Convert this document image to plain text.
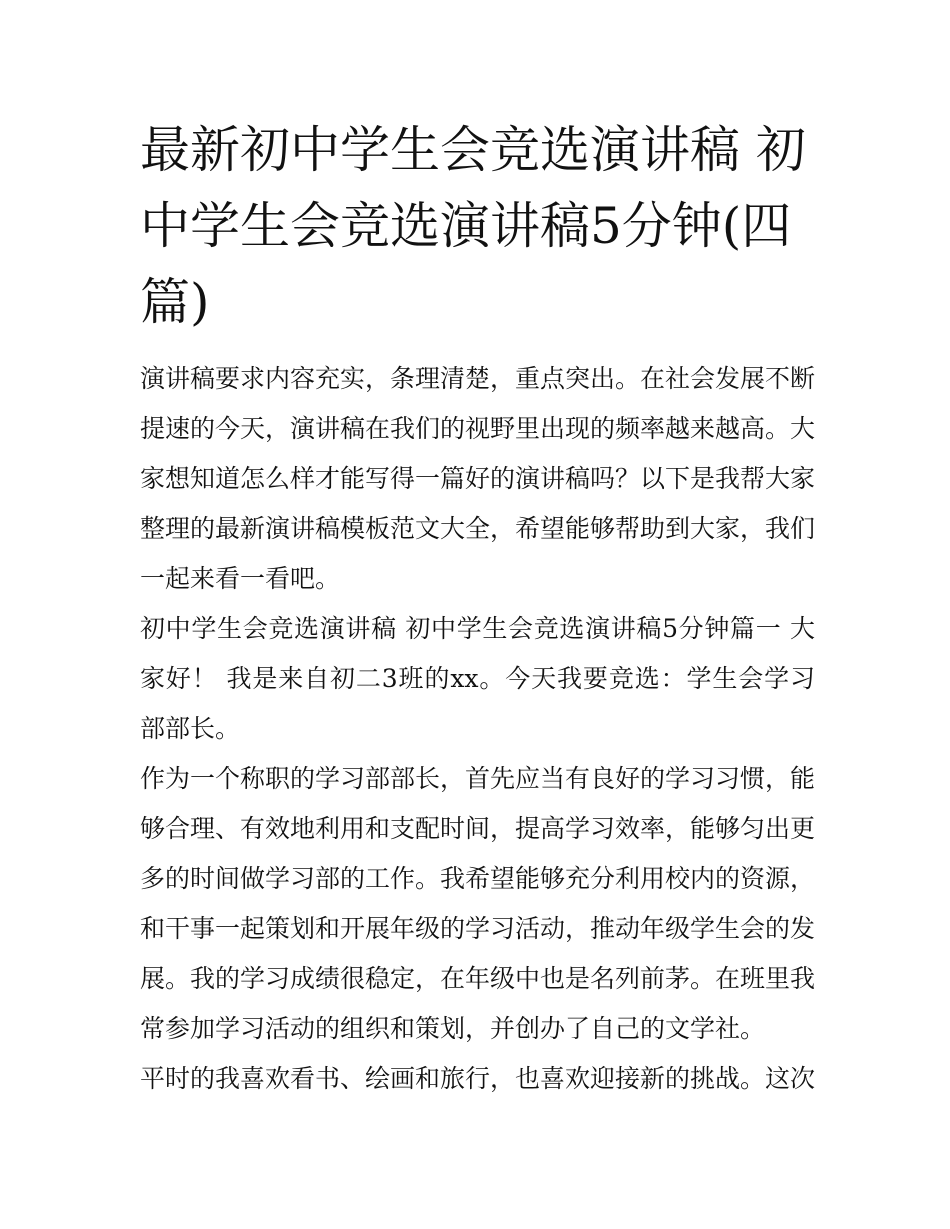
最新初中学生会竞选演讲稿 初中学生会竞选演讲稿5分钟(四篇)

演讲稿要求内容充实，条理清楚，重点突出。在社会发展不断提速的今天，演讲稿在我们的视野里出现的频率越来越高。大家想知道怎么样才能写得一篇好的演讲稿吗？以下是我帮大家整理的最新演讲稿模板范文大全，希望能够帮助到大家，我们一起来看一看吧。

初中学生会竞选演讲稿 初中学生会竞选演讲稿5分钟篇一 大家好！ 我是来自初二3班的xx。今天我要竞选：学生会学习部部长。

作为一个称职的学习部部长，首先应当有良好的学习习惯，能够合理、有效地利用和支配时间，提高学习效率，能够匀出更多的时间做学习部的工作。我希望能够充分利用校内的资源，和干事一起策划和开展年级的学习活动，推动年级学生会的发展。我的学习成绩很稳定，在年级中也是名列前茅。在班里我常参加学习活动的组织和策划，并创办了自己的文学社。

平时的我喜欢看书、绘画和旅行，也喜欢迎接新的挑战。这次
